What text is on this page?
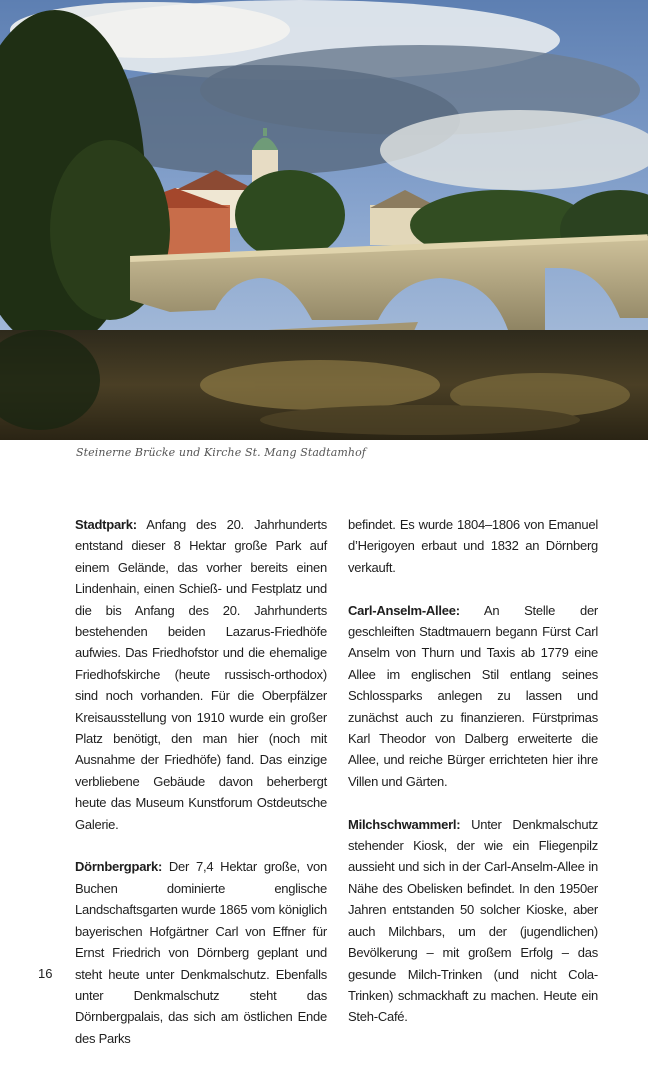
Steinerne Brücke und Kirche St. Mang Stadtamhof

Stadtpark: Anfang des 20. Jahrhunderts entstand dieser 8 Hektar große Park auf einem Gelände, das vorher bereits einen Lindenhain, einen Schieß- und Festplatz und die bis Anfang des 20. Jahrhunderts bestehenden beiden Lazarus-Friedhöfe aufwies. Das Friedhofstor und die ehemalige Friedhofskirche (heute russisch-orthodox) sind noch vorhanden. Für die Oberpfälzer Kreisausstellung von 1910 wurde ein großer Platz benötigt, den man hier (noch mit Ausnahme der Friedhöfe) fand. Das einzige verbliebene Gebäude davon beherbergt heute das Museum Kunstforum Ostdeutsche Galerie.

Dörnbergpark: Der 7,4 Hektar große, von Buchen dominierte englische Landschaftsgarten wurde 1865 vom königlich bayerischen Hofgärtner Carl von Effner für Ernst Friedrich von Dörnberg geplant und steht heute unter Denkmalschutz. Ebenfalls unter Denkmalschutz steht das Dörnbergpalais, das sich am östlichen Ende des Parks

befindet. Es wurde 1804–1806 von Emanuel d’Herigoyen erbaut und 1832 an Dörnberg verkauft.

Carl-Anselm-Allee: An Stelle der geschleiften Stadtmauern begann Fürst Carl Anselm von Thurn und Taxis ab 1779 eine Allee im englischen Stil entlang seines Schlossparks anlegen zu lassen und zunächst auch zu finanzieren. Fürstprimas Karl Theodor von Dalberg erweiterte die Allee, und reiche Bürger errichteten hier ihre Villen und Gärten.

Milchschwammerl: Unter Denkmalschutz stehender Kiosk, der wie ein Fliegenpilz aussieht und sich in der Carl-Anselm-Allee in Nähe des Obelisken befindet. In den 1950er Jahren entstanden 50 solcher Kioske, aber auch Milchbars, um der (jugendlichen) Bevölkerung – mit großem Erfolg – das gesunde Milch-Trinken (und nicht Cola-Trinken) schmackhaft zu machen. Heute ein Steh-Café.

16
